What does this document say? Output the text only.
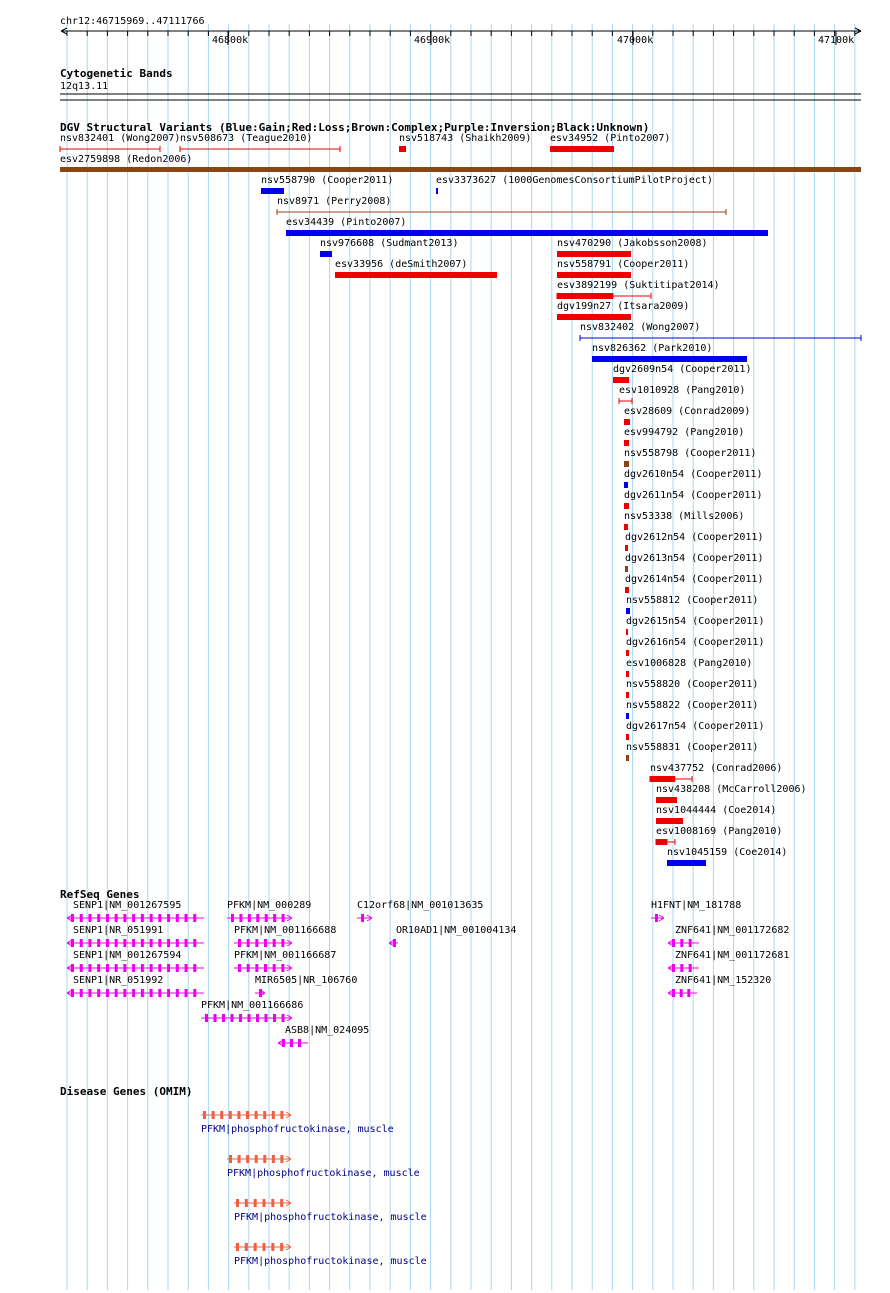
chr12:46715969..47111766
46800k	46900k	47000k	47100k
Cytogenetic Bands
12q13.11
DGV Structural Variants (Blue:Gain;Red:Loss;Brown:Complex;Purple:Inversion;Black:Unknown)
RefSeq Genes
Disease Genes (OMIM)
nsv832401 (Wong2007) nsv508673 (Teague2010)	nsv518743 (Shaikh2009) esv34952 (Pinto2007)
esv2759898 (Redon2006)
nsv558790 (Cooper2011)	esv3373627 (1000GenomesConsortiumPilotProject)
nsv8971 (Perry2008)
esv34439 (Pinto2007)
nsv976608 (Sudmant2013)	nsv470290 (Jakobsson2008)
esv33956 (deSmith2007)	nsv558791 (Cooper2011)
esv3892199 (Suktitipat2014)
dgv199n27 (Itsara2009)
nsv832402 (Wong2007)
nsv826362 (Park2010)
dgv2609n54 (Cooper2011)
esv1010928 (Pang2010)
esv28609 (Conrad2009)
esv994792 (Pang2010)
nsv558798 (Cooper2011)
dgv2610n54 (Cooper2011)
dgv2611n54 (Cooper2011)
nsv53338 (Mills2006)
dgv2612n54 (Cooper2011)
dgv2613n54 (Cooper2011)
dgv2614n54 (Cooper2011)
nsv558812 (Cooper2011)
dgv2615n54 (Cooper2011)
dgv2616n54 (Cooper2011)
esv1006828 (Pang2010)
nsv558820 (Cooper2011)
nsv558822 (Cooper2011)
dgv2617n54 (Cooper2011)
nsv558831 (Cooper2011)
nsv437752 (Conrad2006)
nsv438208 (McCarroll2006)
nsv1044444 (Coe2014)
esv1008169 (Pang2010)
nsv1045159 (Coe2014)
SENP1|NM_001267595	PFKM|NM_000289	C12orf68|NM_001013635	H1FNT|NM_181788
SENP1|NR_051991	PFKM|NM_001166688	OR10AD1|NM_001004134	ZNF641|NM_001172682
SENP1|NM_001267594	PFKM|NM_001166687	ZNF641|NM_001172681
SENP1|NR_051992	MIR6505|NR_106760	ZNF641|NM_152320
PFKM|NM_001166686
ASB8|NM_024095
PFKM|phosphofructokinase, muscle
PFKM|phosphofructokinase, muscle
PFKM|phosphofructokinase, muscle
PFKM|phosphofructokinase, muscle
